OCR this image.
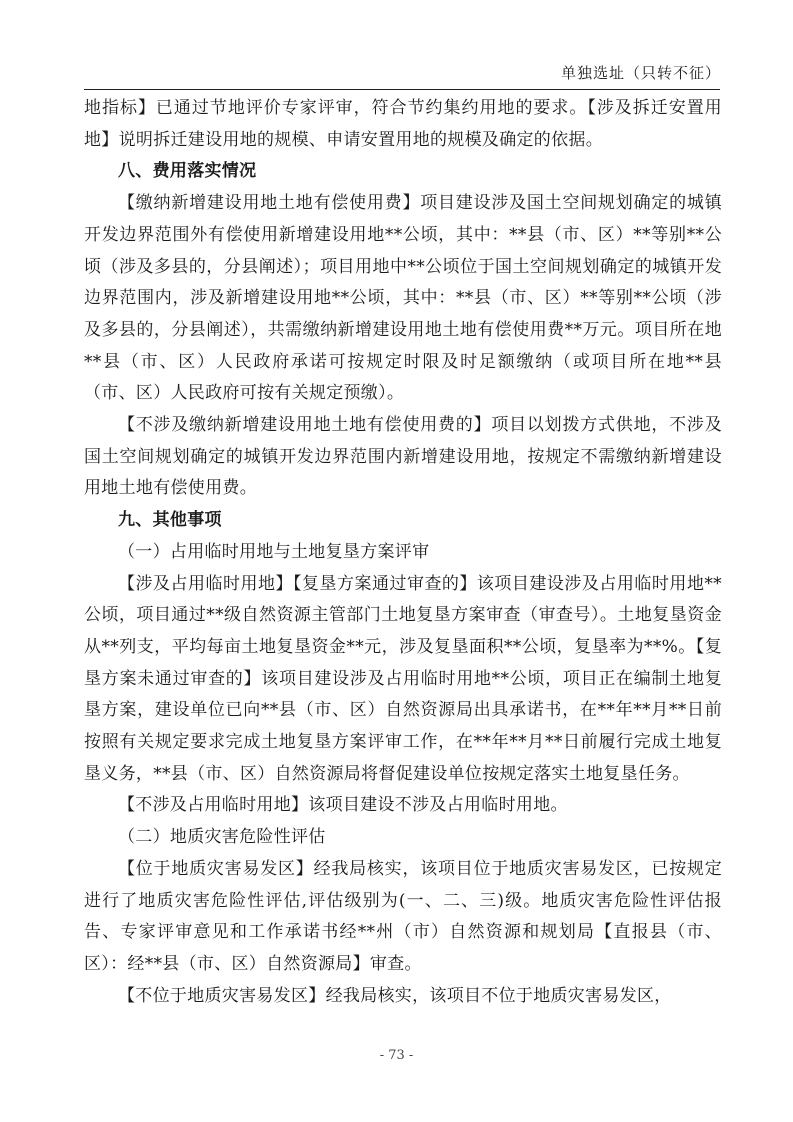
单独选址（只转不征）

地指标】已通过节地评价专家评审，符合节约集约用地的要求。【涉及拆迁安置用地】说明拆迁建设用地的规模、申请安置用地的规模及确定的依据。

八、费用落实情况

【缴纳新增建设用地土地有偿使用费】项目建设涉及国土空间规划确定的城镇开发边界范围外有偿使用新增建设用地**公顷，其中：**县（市、区）**等别**公顷（涉及多县的，分县阐述）；项目用地中**公顷位于国土空间规划确定的城镇开发边界范围内，涉及新增建设用地**公顷，其中：**县（市、区）**等别**公顷（涉及多县的，分县阐述），共需缴纳新增建设用地土地有偿使用费**万元。项目所在地**县（市、区）人民政府承诺可按规定时限及时足额缴纳（或项目所在地**县（市、区）人民政府可按有关规定预缴）。

【不涉及缴纳新增建设用地土地有偿使用费的】项目以划拨方式供地，不涉及国土空间规划确定的城镇开发边界范围内新增建设用地，按规定不需缴纳新增建设用地土地有偿使用费。

九、其他事项

（一）占用临时用地与土地复垦方案评审

【涉及占用临时用地】【复垦方案通过审查的】该项目建设涉及占用临时用地**公顷，项目通过**级自然资源主管部门土地复垦方案审查（审查号）。土地复垦资金从**列支，平均每亩土地复垦资金**元，涉及复垦面积**公顷，复垦率为**%。【复垦方案未通过审查的】该项目建设涉及占用临时用地**公顷，项目正在编制土地复垦方案，建设单位已向**县（市、区）自然资源局出具承诺书，在**年**月**日前按照有关规定要求完成土地复垦方案评审工作，在**年**月**日前履行完成土地复垦义务，**县（市、区）自然资源局将督促建设单位按规定落实土地复垦任务。

【不涉及占用临时用地】该项目建设不涉及占用临时用地。

（二）地质灾害危险性评估

【位于地质灾害易发区】经我局核实，该项目位于地质灾害易发区，已按规定进行了地质灾害危险性评估,评估级别为(一、二、三)级。地质灾害危险性评估报告、专家评审意见和工作承诺书经**州（市）自然资源和规划局【直报县（市、区）：经**县（市、区）自然资源局】审查。

【不位于地质灾害易发区】经我局核实，该项目不位于地质灾害易发区，

- 73 -
